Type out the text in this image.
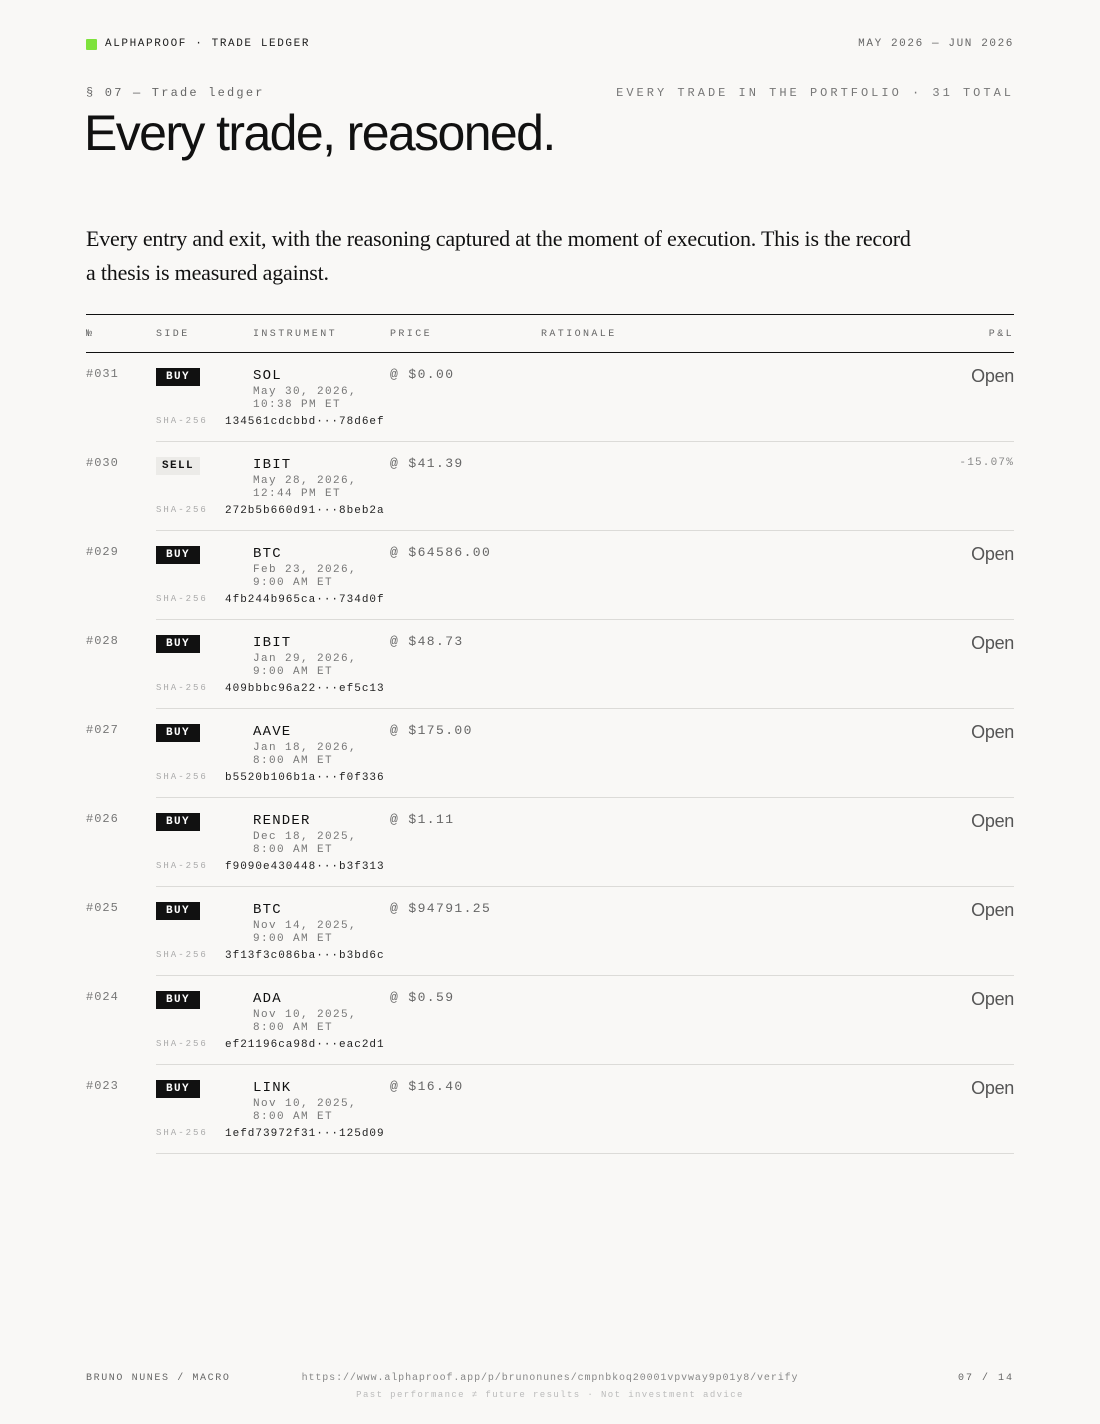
ALPHAPROOF · TRADE LEDGER	MAY 2026 — JUN 2026
§ 07 — Trade ledger	EVERY TRADE IN THE PORTFOLIO · 31 TOTAL
Every trade, reasoned.

Every entry and exit, with the reasoning captured at the moment of execution. This is the record a thesis is measured against.

№	SIDE	INSTRUMENT	PRICE	RATIONALE	P&L
#031	BUY	SOL
May 30, 2026, 10:38 PM ET
@ $0.00	Open
SHA-256 134561cdcbbd···78d6ef
#030	SELL	IBIT
May 28, 2026, 12:44 PM ET
@ $41.39	-15.07%
SHA-256 272b5b660d91···8beb2a
#029	BUY	BTC
Feb 23, 2026, 9:00 AM ET
@ $64586.00	Open
SHA-256 4fb244b965ca···734d0f
#028	BUY	IBIT
Jan 29, 2026, 9:00 AM ET
@ $48.73	Open
SHA-256 409bbbc96a22···ef5c13
#027	BUY	AAVE
Jan 18, 2026, 8:00 AM ET
@ $175.00	Open
SHA-256 b5520b106b1a···f0f336
#026	BUY	RENDER
Dec 18, 2025, 8:00 AM ET
@ $1.11	Open
SHA-256 f9090e430448···b3f313
#025	BUY	BTC
Nov 14, 2025, 9:00 AM ET
@ $94791.25	Open
SHA-256 3f13f3c086ba···b3bd6c
#024	BUY	ADA
Nov 10, 2025, 8:00 AM ET
@ $0.59	Open
SHA-256 ef21196ca98d···eac2d1
#023	BUY	LINK
Nov 10, 2025, 8:00 AM ET
@ $16.40	Open
SHA-256 1efd73972f31···125d09
BRUNO NUNES / MACRO	https://www.alphaproof.app/p/brunonunes/cmpnbkoq20001vpvway9p01y8/verify
Past performance ≠ future results · Not investment advice
07 / 14
